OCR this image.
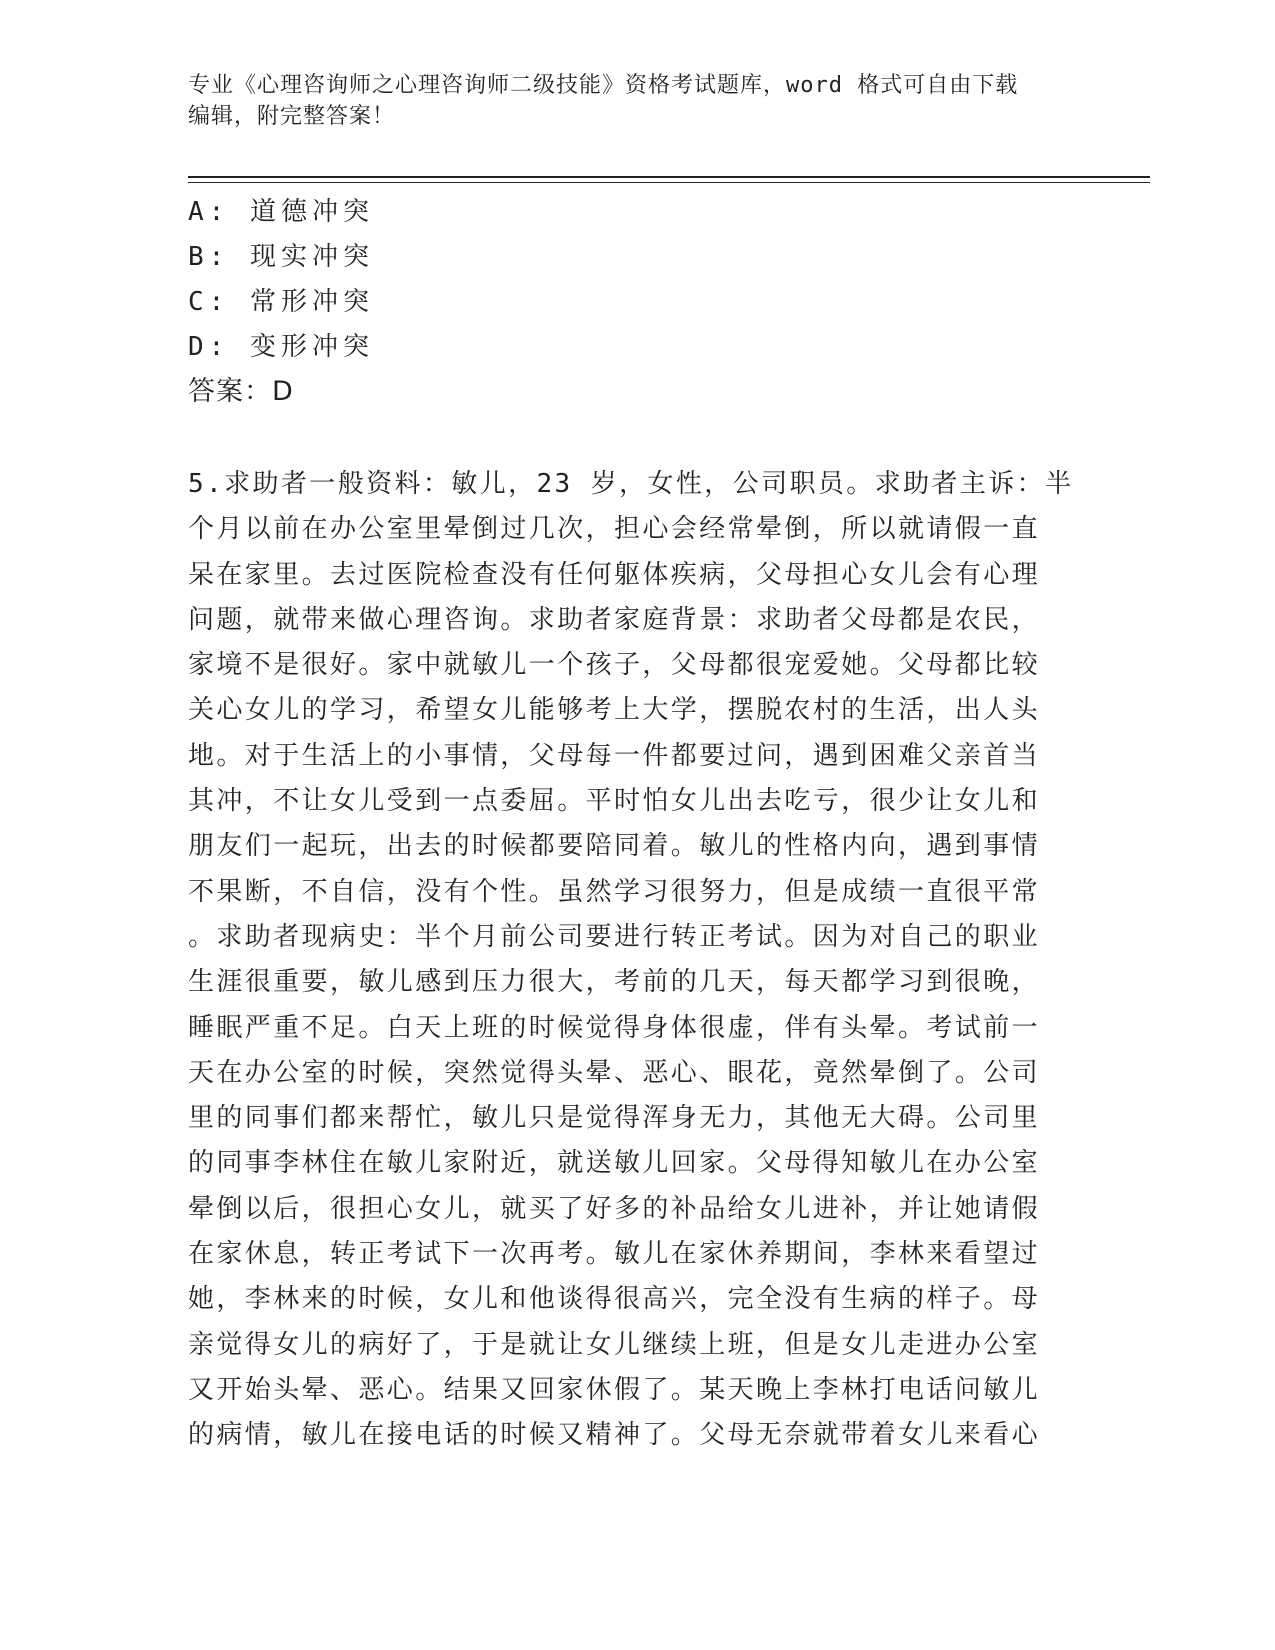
专业《心理咨询师之心理咨询师二级技能》资格考试题库，word 格式可自由下载
编辑，附完整答案！
A: 道德冲突
B: 现实冲突
C: 常形冲突
D: 变形冲突
答案：D
5.求助者一般资料：敏儿，23 岁，女性，公司职员。求助者主诉：半
个月以前在办公室里晕倒过几次，担心会经常晕倒，所以就请假一直
呆在家里。去过医院检查没有任何躯体疾病，父母担心女儿会有心理
问题，就带来做心理咨询。求助者家庭背景：求助者父母都是农民，
家境不是很好。家中就敏儿一个孩子，父母都很宠爱她。父母都比较
关心女儿的学习，希望女儿能够考上大学，摆脱农村的生活，出人头
地。对于生活上的小事情，父母每一件都要过问，遇到困难父亲首当
其冲，不让女儿受到一点委屈。平时怕女儿出去吃亏，很少让女儿和
朋友们一起玩，出去的时候都要陪同着。敏儿的性格内向，遇到事情
不果断，不自信，没有个性。虽然学习很努力，但是成绩一直很平常
。求助者现病史：半个月前公司要进行转正考试。因为对自己的职业
生涯很重要，敏儿感到压力很大，考前的几天，每天都学习到很晚，
睡眠严重不足。白天上班的时候觉得身体很虚，伴有头晕。考试前一
天在办公室的时候，突然觉得头晕、恶心、眼花，竟然晕倒了。公司
里的同事们都来帮忙，敏儿只是觉得浑身无力，其他无大碍。公司里
的同事李林住在敏儿家附近，就送敏儿回家。父母得知敏儿在办公室
晕倒以后，很担心女儿，就买了好多的补品给女儿进补，并让她请假
在家休息，转正考试下一次再考。敏儿在家休养期间，李林来看望过
她，李林来的时候，女儿和他谈得很高兴，完全没有生病的样子。母
亲觉得女儿的病好了，于是就让女儿继续上班，但是女儿走进办公室
又开始头晕、恶心。结果又回家休假了。某天晚上李林打电话问敏儿
的病情，敏儿在接电话的时候又精神了。父母无奈就带着女儿来看心
